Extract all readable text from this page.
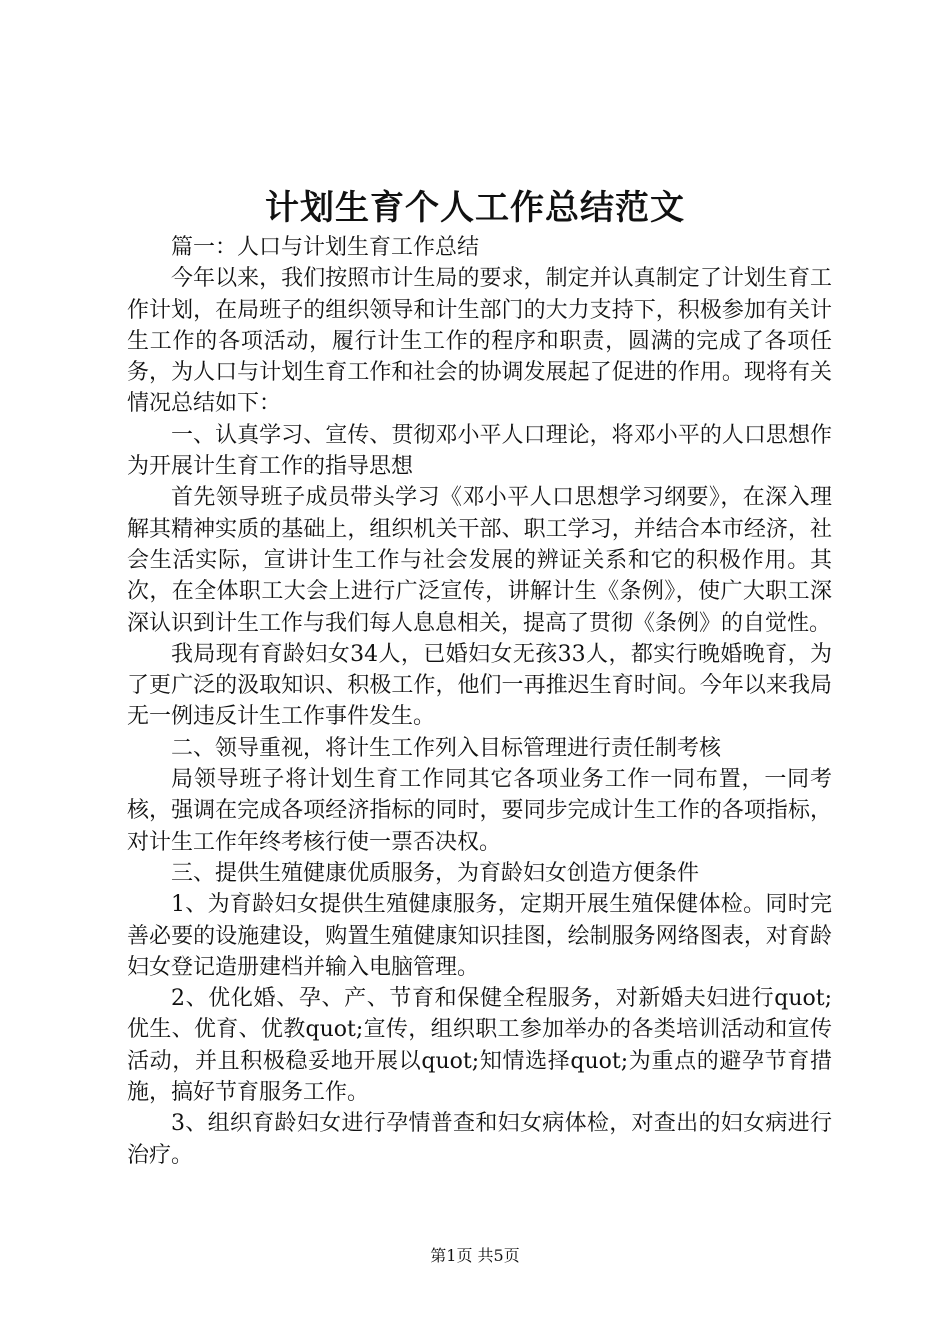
计划生育个人工作总结范文

篇一：人口与计划生育工作总结

今年以来，我们按照市计生局的要求，制定并认真制定了计划生育工作计划，在局班子的组织领导和计生部门的大力支持下，积极参加有关计生工作的各项活动，履行计生工作的程序和职责，圆满的完成了各项任务，为人口与计划生育工作和社会的协调发展起了促进的作用。现将有关情况总结如下：

一、认真学习、宣传、贯彻邓小平人口理论，将邓小平的人口思想作为开展计生育工作的指导思想

首先领导班子成员带头学习《邓小平人口思想学习纲要》，在深入理解其精神实质的基础上，组织机关干部、职工学习，并结合本市经济，社会生活实际，宣讲计生工作与社会发展的辨证关系和它的积极作用。其次，在全体职工大会上进行广泛宣传，讲解计生《条例》，使广大职工深深认识到计生工作与我们每人息息相关，提高了贯彻《条例》的自觉性。

我局现有育龄妇女34人，已婚妇女无孩33人，都实行晚婚晚育，为了更广泛的汲取知识、积极工作，他们一再推迟生育时间。今年以来我局无一例违反计生工作事件发生。

二、领导重视，将计生工作列入目标管理进行责任制考核

局领导班子将计划生育工作同其它各项业务工作一同布置，一同考核，强调在完成各项经济指标的同时，要同步完成计生工作的各项指标，对计生工作年终考核行使一票否决权。

三、提供生殖健康优质服务，为育龄妇女创造方便条件

1、为育龄妇女提供生殖健康服务，定期开展生殖保健体检。同时完善必要的设施建设，购置生殖健康知识挂图，绘制服务网络图表，对育龄妇女登记造册建档并输入电脑管理。

2、优化婚、孕、产、节育和保健全程服务，对新婚夫妇进行quot;优生、优育、优教quot;宣传，组织职工参加举办的各类培训活动和宣传活动，并且积极稳妥地开展以quot;知情选择quot;为重点的避孕节育措施，搞好节育服务工作。

3、组织育龄妇女进行孕情普查和妇女病体检，对查出的妇女病进行治疗。

第1页 共5页
